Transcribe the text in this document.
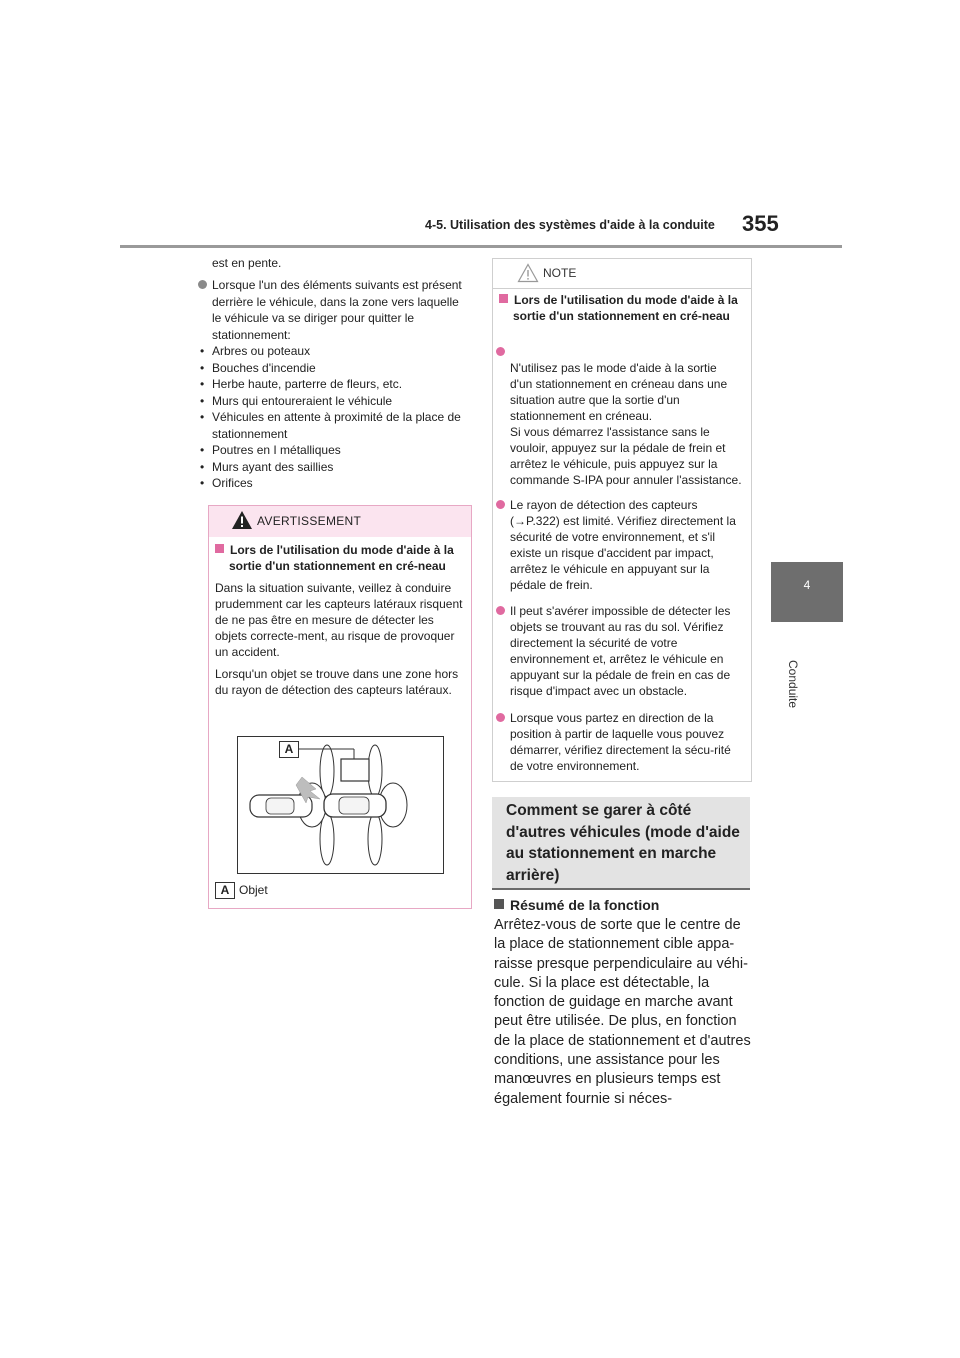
4-5. Utilisation des systèmes d'aide à la conduite 355
4
Conduite
est en pente.
Lorsque l'un des éléments suivants est présent derrière le véhicule, dans la zone vers laquelle le véhicule va se diriger pour quitter le stationnement:
• Arbres ou poteaux
• Bouches d'incendie
• Herbe haute, parterre de fleurs, etc.
• Murs qui entoureraient le véhicule
• Véhicules en attente à proximité de la place de stationnement
• Poutres en I métalliques
• Murs ayant des saillies
• Orifices
AVERTISSEMENT
Lors de l'utilisation du mode d'aide à la sortie d'un stationnement en cré-neau
Dans la situation suivante, veillez à conduire prudemment car les capteurs latéraux risquent de ne pas être en mesure de détecter les objets correcte-ment, au risque de provoquer un accident.
Lorsqu'un objet se trouve dans une zone hors du rayon de détection des capteurs latéraux.
A Objet
A
NOTE
Lors de l'utilisation du mode d'aide à la sortie d'un stationnement en cré-neau

N'utilisez pas le mode d'aide à la sortie d'un stationnement en créneau dans une situation autre que la sortie d'un stationnement en créneau.
Si vous démarrez l'assistance sans le vouloir, appuyez sur la pédale de frein et arrêtez le véhicule, puis appuyez sur la commande S-IPA pour annuler l'assistance.

Le rayon de détection des capteurs (→P.322) est limité. Vérifiez directement la sécurité de votre environnement, et s'il existe un risque d'accident par impact, arrêtez le véhicule en appuyant sur la pédale de frein.
Il peut s'avérer impossible de détecter les objets se trouvant au ras du sol. Vérifiez directement la sécurité de votre environnement et, arrêtez le véhicule en appuyant sur la pédale de frein en cas de risque d'impact avec un obstacle.
Lorsque vous partez en direction de la position à partir de laquelle vous pouvez démarrer, vérifiez directement la sécu-rité de votre environnement.
Comment se garer à côté d'autres véhicules (mode d'aide au stationnement en marche arrière)
Résumé de la fonction
Arrêtez-vous de sorte que le centre de la place de stationnement cible appa-raisse presque perpendiculaire au véhi-cule. Si la place est détectable, la fonction de guidage en marche avant peut être utilisée. De plus, en fonction de la place de stationnement et d'autres conditions, une assistance pour les manœuvres en plusieurs temps est également fournie si néces-
